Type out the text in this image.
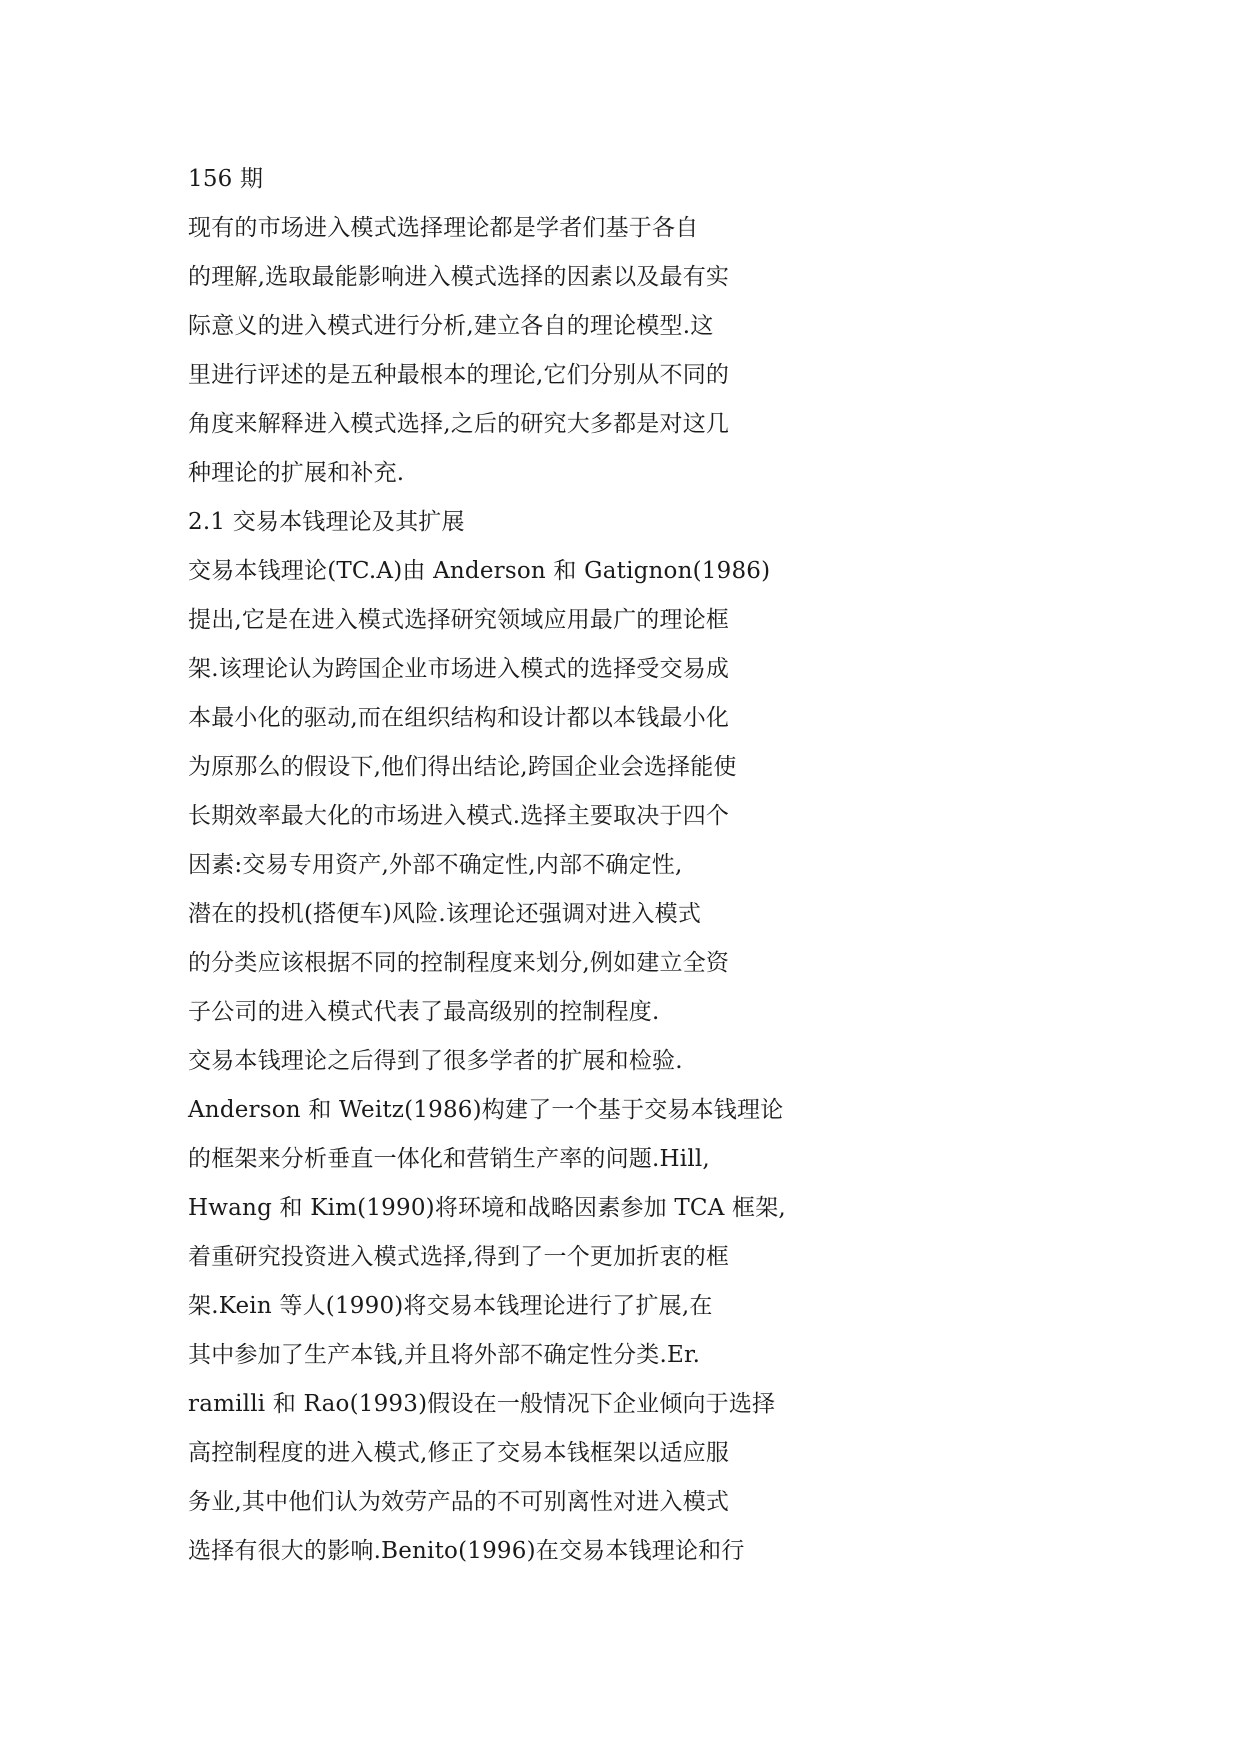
156 期
现有的市场进入模式选择理论都是学者们基于各自
的理解,选取最能影响进入模式选择的因素以及最有实
际意义的进入模式进行分析,建立各自的理论模型.这
里进行评述的是五种最根本的理论,它们分别从不同的
角度来解释进入模式选择,之后的研究大多都是对这几
种理论的扩展和补充.
2.1 交易本钱理论及其扩展
交易本钱理论(TC.A)由 Anderson 和 Gatignon(1986)
提出,它是在进入模式选择研究领域应用最广的理论框
架.该理论认为跨国企业市场进入模式的选择受交易成
本最小化的驱动,而在组织结构和设计都以本钱最小化
为原那么的假设下,他们得出结论,跨国企业会选择能使
长期效率最大化的市场进入模式.选择主要取决于四个
因素:交易专用资产,外部不确定性,内部不确定性,
潜在的投机(搭便车)风险.该理论还强调对进入模式
的分类应该根据不同的控制程度来划分,例如建立全资
子公司的进入模式代表了最高级别的控制程度.
交易本钱理论之后得到了很多学者的扩展和检验.
Anderson 和 Weitz(1986)构建了一个基于交易本钱理论
的框架来分析垂直一体化和营销生产率的问题.Hill,
Hwang 和 Kim(1990)将环境和战略因素参加 TCA 框架,
着重研究投资进入模式选择,得到了一个更加折衷的框
架.Kein 等人(1990)将交易本钱理论进行了扩展,在
其中参加了生产本钱,并且将外部不确定性分类.Er.
ramilli 和 Rao(1993)假设在一般情况下企业倾向于选择
高控制程度的进入模式,修正了交易本钱框架以适应服
务业,其中他们认为效劳产品的不可别离性对进入模式
选择有很大的影响.Benito(1996)在交易本钱理论和行
